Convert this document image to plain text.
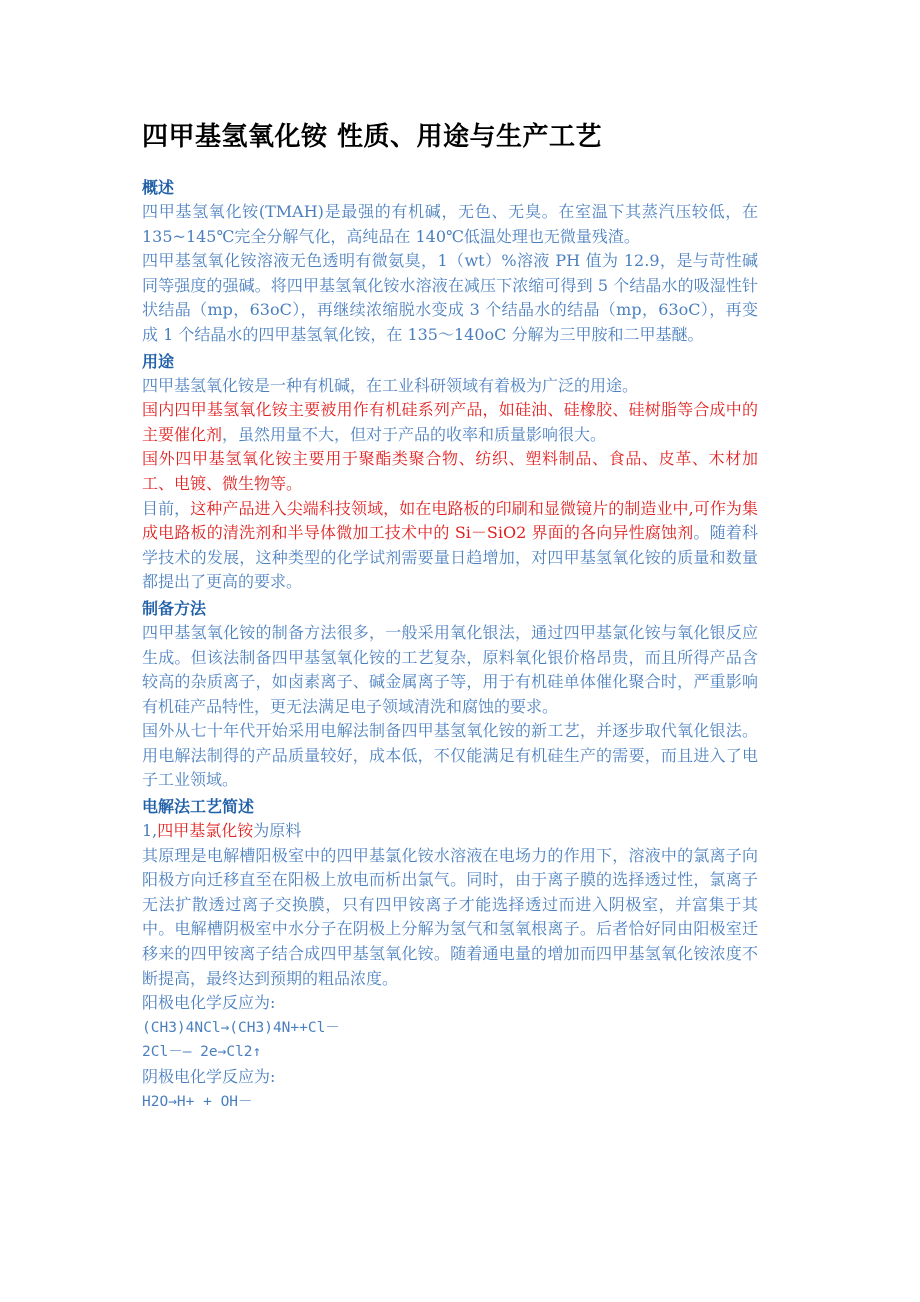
四甲基氢氧化铵 性质、用途与生产工艺
概述

四甲基氢氧化铵(TMAH)是最强的有机碱，无色、无臭。在室温下其蒸汽压较低，在 135~145℃完全分解气化，高纯品在 140℃低温处理也无微量残渣。

四甲基氢氧化铵溶液无色透明有微氨臭，1（wt）%溶液 PH 值为 12.9，是与苛性碱同等强度的强碱。将四甲基氢氧化铵水溶液在减压下浓缩可得到 5 个结晶水的吸湿性针状结晶（mp，63oC），再继续浓缩脱水变成 3 个结晶水的结晶（mp，63oC），再变成 1 个结晶水的四甲基氢氧化铵，在 135～140oC 分解为三甲胺和二甲基醚。

用途

四甲基氢氧化铵是一种有机碱，在工业科研领域有着极为广泛的用途。

国内四甲基氢氧化铵主要被用作有机硅系列产品，如硅油、硅橡胶、硅树脂等合成中的主要催化剂，虽然用量不大，但对于产品的收率和质量影响很大。

国外四甲基氢氧化铵主要用于聚酯类聚合物、纺织、塑料制品、食品、皮革、木材加工、电镀、微生物等。

目前，这种产品进入尖端科技领域，如在电路板的印刷和显微镜片的制造业中,可作为集成电路板的清洗剂和半导体微加工技术中的 Si－SiO2 界面的各向异性腐蚀剂。随着科学技术的发展，这种类型的化学试剂需要量日趋增加，对四甲基氢氧化铵的质量和数量都提出了更高的要求。

制备方法

四甲基氢氧化铵的制备方法很多，一般采用氧化银法，通过四甲基氯化铵与氧化银反应生成。但该法制备四甲基氢氧化铵的工艺复杂，原料氧化银价格昂贵，而且所得产品含较高的杂质离子，如卤素离子、碱金属离子等，用于有机硅单体催化聚合时，严重影响有机硅产品特性，更无法满足电子领域清洗和腐蚀的要求。

国外从七十年代开始采用电解法制备四甲基氢氧化铵的新工艺，并逐步取代氧化银法。用电解法制得的产品质量较好，成本低，不仅能满足有机硅生产的需要，而且进入了电子工业领域。

电解法工艺简述

1,四甲基氯化铵为原料

其原理是电解槽阳极室中的四甲基氯化铵水溶液在电场力的作用下，溶液中的氯离子向阳极方向迁移直至在阳极上放电而析出氯气。同时，由于离子膜的选择透过性，氯离子无法扩散透过离子交换膜，只有四甲铵离子才能选择透过而进入阴极室，并富集于其中。电解槽阴极室中水分子在阴极上分解为氢气和氢氧根离子。后者恰好同由阳极室迁移来的四甲铵离子结合成四甲基氢氧化铵。随着通电量的增加而四甲基氢氧化铵浓度不断提高，最终达到预期的粗品浓度。

阳极电化学反应为:

(CH3)4NCl→(CH3)4N++Cl－

2Cl－— 2e→Cl2↑

阴极电化学反应为:

H2O→H+ + OH－
